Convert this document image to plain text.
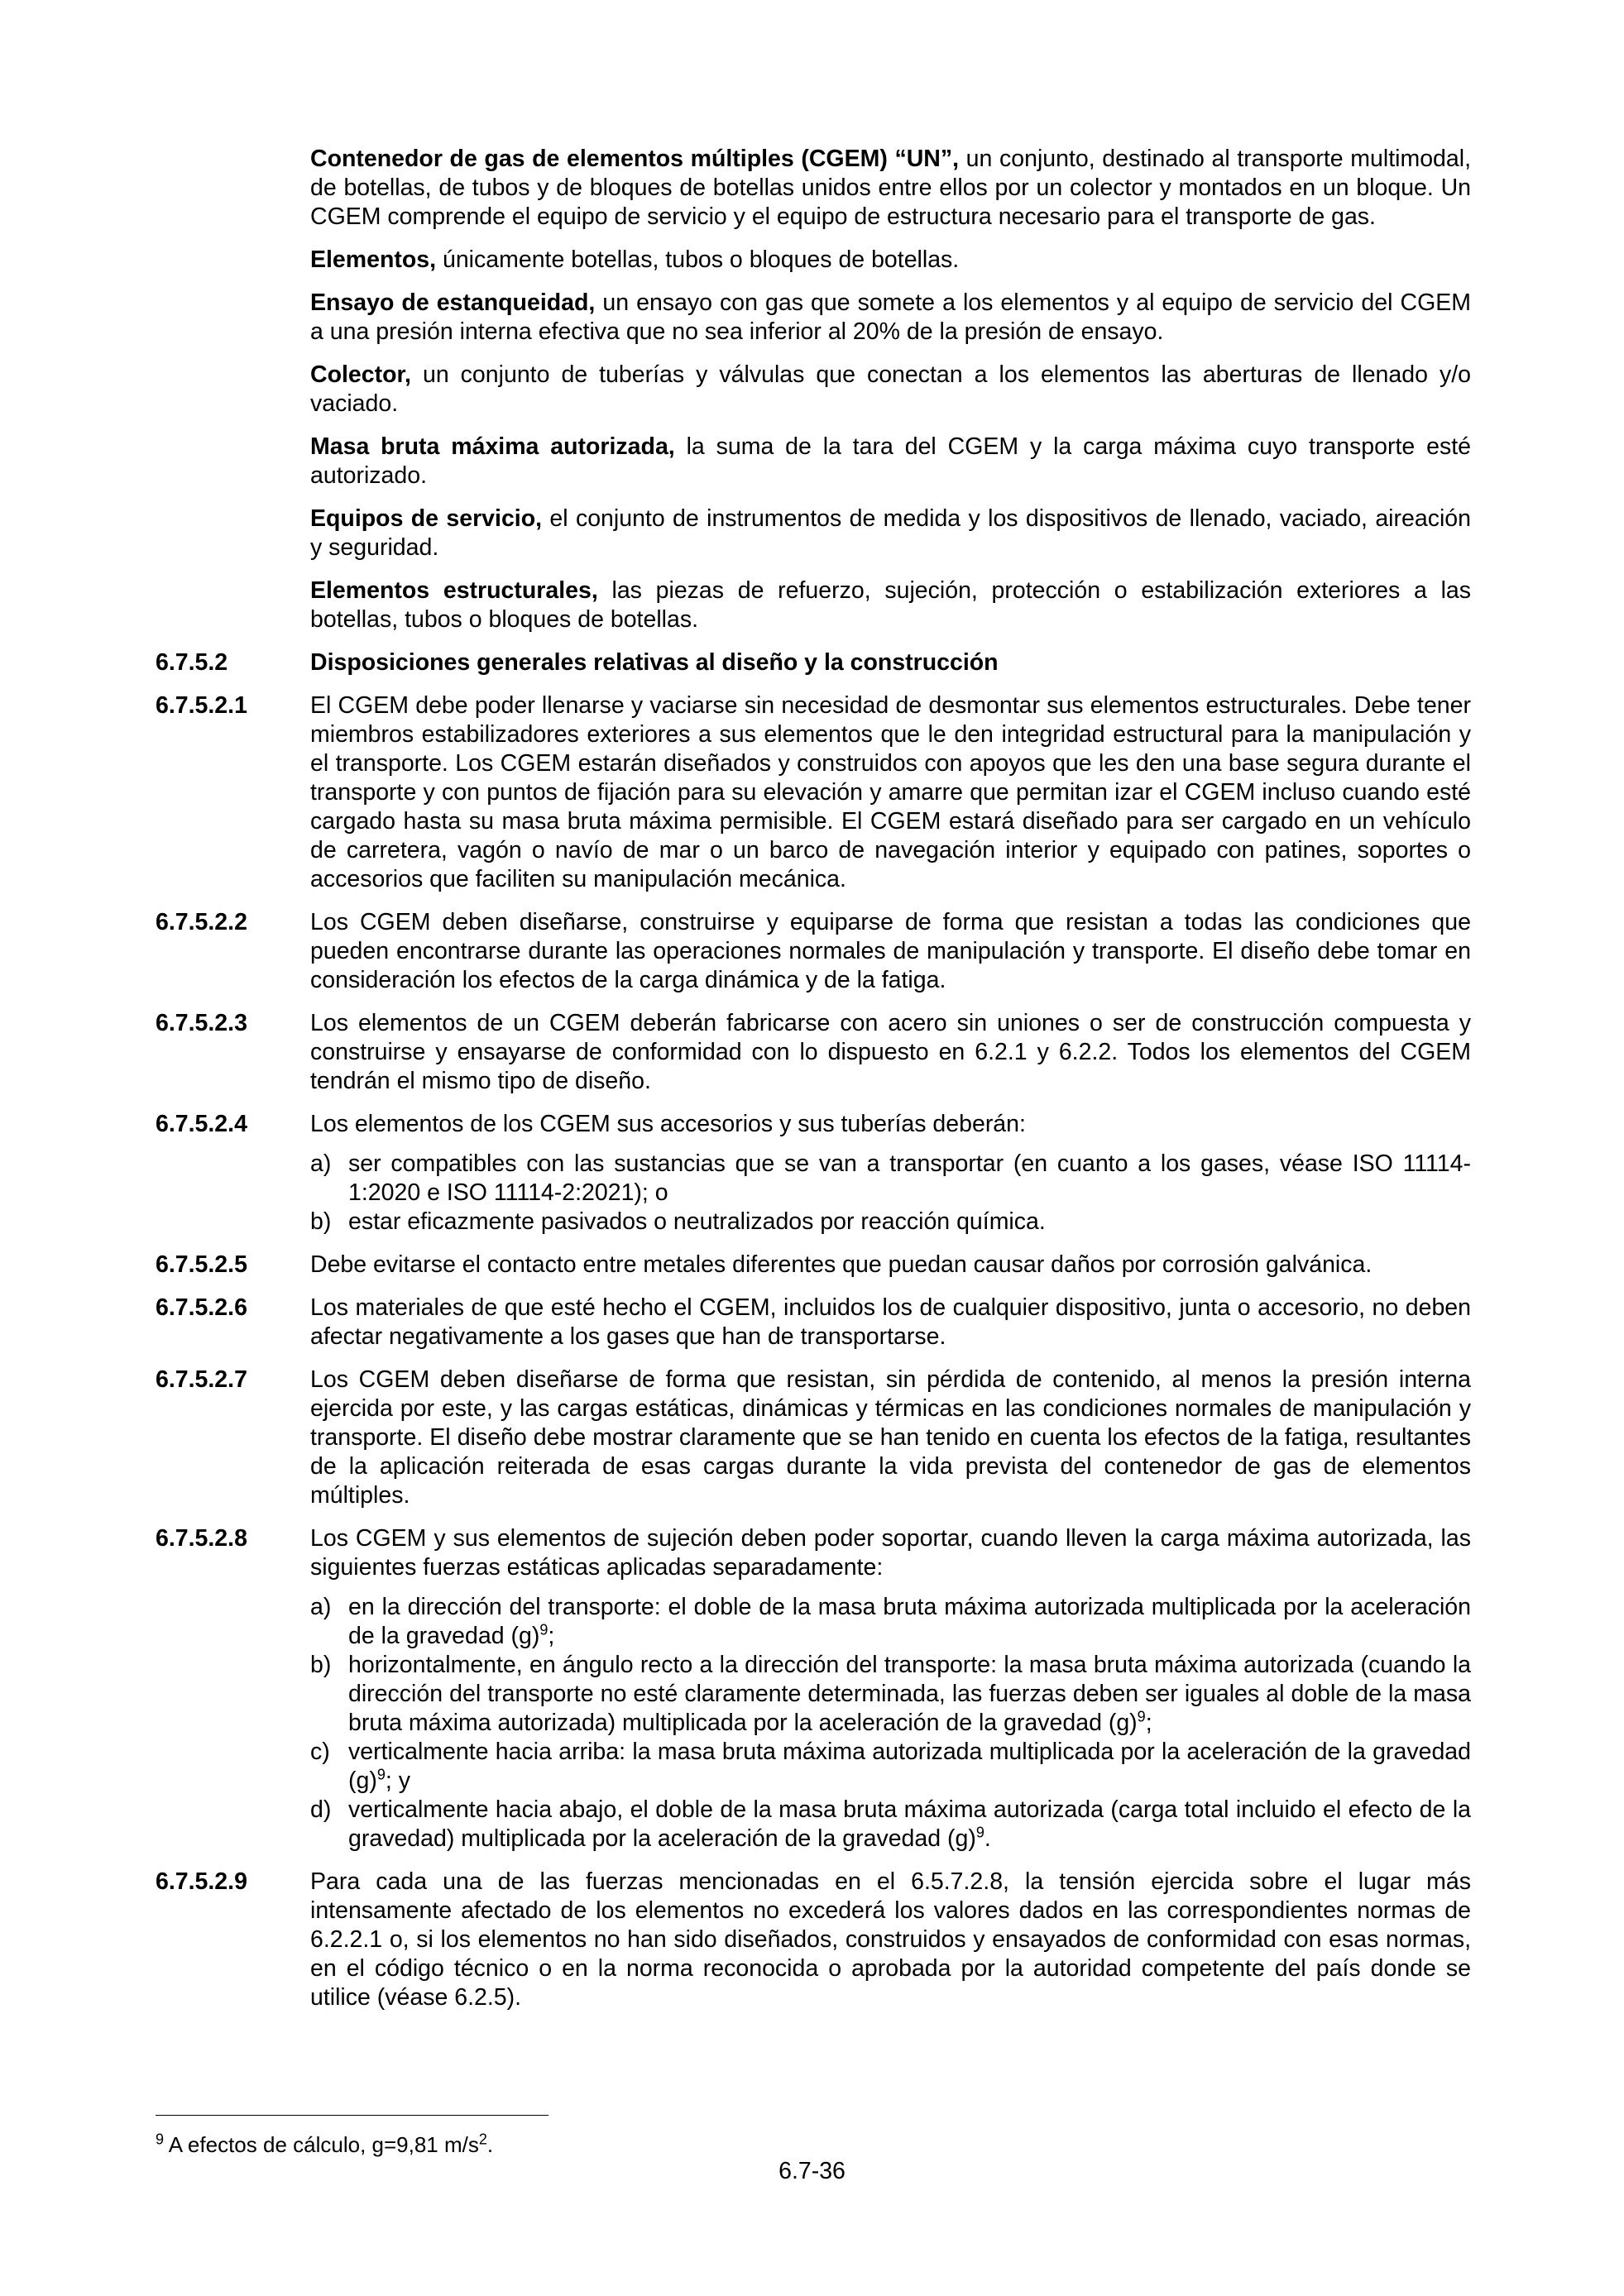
Contenedor de gas de elementos múltiples (CGEM) “UN”, un conjunto, destinado al transporte multimodal, de botellas, de tubos y de bloques de botellas unidos entre ellos por un colector y montados en un bloque. Un CGEM comprende el equipo de servicio y el equipo de estructura necesario para el transporte de gas.
Elementos, únicamente botellas, tubos o bloques de botellas.
Ensayo de estanqueidad, un ensayo con gas que somete a los elementos y al equipo de servicio del CGEM a una presión interna efectiva que no sea inferior al 20% de la presión de ensayo.
Colector, un conjunto de tuberías y válvulas que conectan a los elementos las aberturas de llenado y/o vaciado.
Masa bruta máxima autorizada, la suma de la tara del CGEM y la carga máxima cuyo transporte esté autorizado.
Equipos de servicio, el conjunto de instrumentos de medida y los dispositivos de llenado, vaciado, aireación y seguridad.
Elementos estructurales, las piezas de refuerzo, sujeción, protección o estabilización exteriores a las botellas, tubos o bloques de botellas.
6.7.5.2	Disposiciones generales relativas al diseño y la construcción
6.7.5.2.1	El CGEM debe poder llenarse y vaciarse sin necesidad de desmontar sus elementos estructurales. Debe tener miembros estabilizadores exteriores a sus elementos que le den integridad estructural para la manipulación y el transporte. Los CGEM estarán diseñados y construidos con apoyos que les den una base segura durante el transporte y con puntos de fijación para su elevación y amarre que permitan izar el CGEM incluso cuando esté cargado hasta su masa bruta máxima permisible. El CGEM estará diseñado para ser cargado en un vehículo de carretera, vagón o navío de mar o un barco de navegación interior y equipado con patines, soportes o accesorios que faciliten su manipulación mecánica.
6.7.5.2.2	Los CGEM deben diseñarse, construirse y equiparse de forma que resistan a todas las condiciones que pueden encontrarse durante las operaciones normales de manipulación y transporte. El diseño debe tomar en consideración los efectos de la carga dinámica y de la fatiga.
6.7.5.2.3	Los elementos de un CGEM deberán fabricarse con acero sin uniones o ser de construcción compuesta y construirse y ensayarse de conformidad con lo dispuesto en 6.2.1 y 6.2.2. Todos los elementos del CGEM tendrán el mismo tipo de diseño.
6.7.5.2.4	Los elementos de los CGEM sus accesorios y sus tuberías deberán:
a) ser compatibles con las sustancias que se van a transportar (en cuanto a los gases, véase ISO 11114-1:2020 e ISO 11114-2:2021); o
b) estar eficazmente pasivados o neutralizados por reacción química.
6.7.5.2.5	Debe evitarse el contacto entre metales diferentes que puedan causar daños por corrosión galvánica.
6.7.5.2.6	Los materiales de que esté hecho el CGEM, incluidos los de cualquier dispositivo, junta o accesorio, no deben afectar negativamente a los gases que han de transportarse.
6.7.5.2.7	Los CGEM deben diseñarse de forma que resistan, sin pérdida de contenido, al menos la presión interna ejercida por este, y las cargas estáticas, dinámicas y térmicas en las condiciones normales de manipulación y transporte. El diseño debe mostrar claramente que se han tenido en cuenta los efectos de la fatiga, resultantes de la aplicación reiterada de esas cargas durante la vida prevista del contenedor de gas de elementos múltiples.
6.7.5.2.8	Los CGEM y sus elementos de sujeción deben poder soportar, cuando lleven la carga máxima autorizada, las siguientes fuerzas estáticas aplicadas separadamente:
a) en la dirección del transporte: el doble de la masa bruta máxima autorizada multiplicada por la aceleración de la gravedad $(g)^9$;
b) horizontalmente, en ángulo recto a la dirección del transporte: la masa bruta máxima autorizada (cuando la dirección del transporte no esté claramente determinada, las fuerzas deben ser iguales al doble de la masa bruta máxima autorizada) multiplicada por la aceleración de la gravedad $(g)^9$;
c) verticalmente hacia arriba: la masa bruta máxima autorizada multiplicada por la aceleración de la gravedad $(g)^9$; y
d) verticalmente hacia abajo, el doble de la masa bruta máxima autorizada (carga total incluido el efecto de la gravedad) multiplicada por la aceleración de la gravedad $(g)^9$.
6.7.5.2.9	Para cada una de las fuerzas mencionadas en el 6.5.7.2.8, la tensión ejercida sobre el lugar más intensamente afectado de los elementos no excederá los valores dados en las correspondientes normas de 6.2.2.1 o, si los elementos no han sido diseñados, construidos y ensayados de conformidad con esas normas, en el código técnico o en la norma reconocida o aprobada por la autoridad competente del país donde se utilice (véase 6.2.5).
$^9$ A efectos de cálculo, g=9,81 $m/s^2$.
6.7-36
